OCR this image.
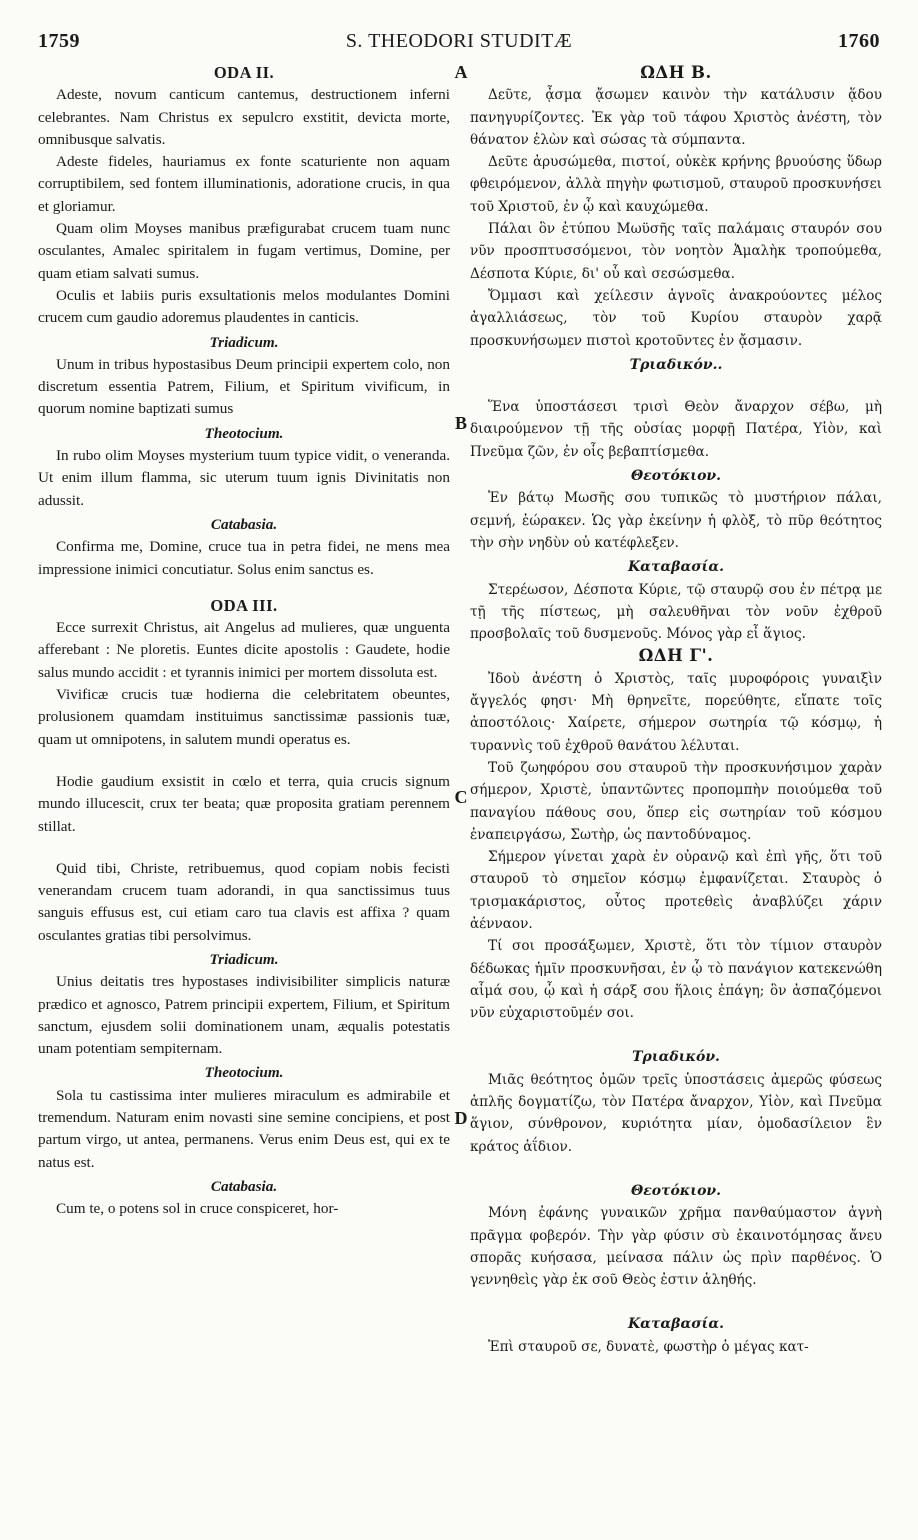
1759	S. THEODORI STUDITÆ	1760
A
B
C
D
ODA II.

Adeste, novum canticum cantemus, destructionem inferni celebrantes. Nam Christus ex sepulcro exstitit, devicta morte, omnibusque salvatis.

Adeste fideles, hauriamus ex fonte scaturiente non aquam corruptibilem, sed fontem illuminationis, adoratione crucis, in qua et gloriamur.

Quam olim Moyses manibus præfigurabat crucem tuam nunc osculantes, Amalec spiritalem in fugam vertimus, Domine, per quam etiam salvati sumus.

Oculis et labiis puris exsultationis melos modulantes Domini crucem cum gaudio adoremus plaudentes in canticis.

Triadicum.

Unum in tribus hypostasibus Deum principii expertem colo, non discretum essentia Patrem, Filium, et Spiritum vivificum, in quorum nomine baptizati sumus

Theotocium.

In rubo olim Moyses mysterium tuum typice vidit, o veneranda. Ut enim illum flamma, sic uterum tuum ignis Divinitatis non adussit.

Catabasia.

Confirma me, Domine, cruce tua in petra fidei, ne mens mea impressione inimici concutiatur. Solus enim sanctus es.

ODA III.

Ecce surrexit Christus, ait Angelus ad mulieres, quæ unguenta afferebant : Ne ploretis. Euntes dicite apostolis : Gaudete, hodie salus mundo accidit : et tyrannis inimici per mortem dissoluta est.

Vivificæ crucis tuæ hodierna die celebritatem obeuntes, prolusionem quamdam instituimus sanctissimæ passionis tuæ, quam ut omnipotens, in salutem mundi operatus es.

Hodie gaudium exsistit in cœlo et terra, quia crucis signum mundo illucescit, crux ter beata; quæ proposita gratiam perennem stillat.

Quid tibi, Christe, retribuemus, quod copiam nobis fecisti venerandam crucem tuam adorandi, in qua sanctissimus tuus sanguis effusus est, cui etiam caro tua clavis est affixa ? quam osculantes gratias tibi persolvimus.

Triadicum.

Unius deitatis tres hypostases indivisibiliter simplicis naturæ prædico et agnosco, Patrem principii expertem, Filium, et Spiritum sanctum, ejusdem solii dominationem unam, æqualis potestatis unam potentiam sempiternam.

Theotocium.

Sola tu castissima inter mulieres miraculum es admirabile et tremendum. Naturam enim novasti sine semine concipiens, et post partum virgo, ut antea, permanens. Verus enim Deus est, qui ex te natus est.

Catabasia.

Cum te, o potens sol in cruce conspiceret, hor-

ΩΔΗ Β.

Δεῦτε, ᾆσμα ᾄσωμεν καινὸν τὴν κατάλυσιν ᾅδου πανηγυρίζοντες. Ἐκ γὰρ τοῦ τάφου Χριστὸς ἀνέστη, τὸν θάνατον ἑλὼν καὶ σώσας τὰ σύμπαντα.

Δεῦτε ἀρυσώμεθα, πιστοί, οὐκὲκ κρήνης βρυούσης ὕδωρ φθειρόμενον, ἀλλὰ πηγὴν φωτισμοῦ, σταυροῦ προσκυνήσει τοῦ Χριστοῦ, ἐν ᾧ καὶ καυχώμεθα.

Πάλαι ὃν ἐτύπου Μωϋσῆς ταῖς παλάμαις σταυρόν σου νῦν προσπτυσσόμενοι, τὸν νοητὸν Ἀμαλὴκ τροπούμεθα, Δέσποτα Κύριε, δι' οὗ καὶ σεσώσμεθα.

Ὄμμασι καὶ χείλεσιν ἁγνοῖς ἀνακρούοντες μέλος ἀγαλλιάσεως, τὸν τοῦ Κυρίου σταυρὸν χαρᾷ προσκυνήσωμεν πιστοὶ κροτοῦντες ἐν ᾄσμασιν.

Τριαδικόν..

Ἕνα ὑποστάσεσι τρισὶ Θεὸν ἄναρχον σέβω, μὴ διαιρούμενον τῇ τῆς οὐσίας μορφῇ Πατέρα, Υἱὸν, καὶ Πνεῦμα ζῶν, ἐν οἷς βεβαπτίσμεθα.

Θεοτόκιον.

Ἐν βάτῳ Μωσῆς σου τυπικῶς τὸ μυστήριον πάλαι, σεμνή, ἑώρακεν. Ὡς γὰρ ἐκείνην ἡ φλὸξ, τὸ πῦρ θεότητος τὴν σὴν νηδὺν οὐ κατέφλεξεν.

Καταβασία.

Στερέωσον, Δέσποτα Κύριε, τῷ σταυρῷ σου ἐν πέτρᾳ με τῇ τῆς πίστεως, μὴ σαλευθῆναι τὸν νοῦν ἐχθροῦ προσβολαῖς τοῦ δυσμενοῦς. Μόνος γὰρ εἶ ἅγιος.

ΩΔΗ Γ'.

Ἰδοὺ ἀνέστη ὁ Χριστὸς, ταῖς μυροφόροις γυναιξὶν ἄγγελός φησι· Μὴ θρηνεῖτε, πορεύθητε, εἴπατε τοῖς ἀποστόλοις· Χαίρετε, σήμερον σωτηρία τῷ κόσμῳ, ἡ τυραννὶς τοῦ ἐχθροῦ θανάτου λέλυται.

Τοῦ ζωηφόρου σου σταυροῦ τὴν προσκυνήσιμον χαρὰν σήμερον, Χριστὲ, ὑπαντῶντες προπομπὴν ποιούμεθα τοῦ παναγίου πάθους σου, ὅπερ εἰς σωτηρίαν τοῦ κόσμου ἐναπειργάσω, Σωτὴρ, ὡς παντοδύναμος.

Σήμερον γίνεται χαρὰ ἐν οὐρανῷ καὶ ἐπὶ γῆς, ὅτι τοῦ σταυροῦ τὸ σημεῖον κόσμῳ ἐμφανίζεται. Σταυρὸς ὁ τρισμακάριστος, οὗτος προτεθεὶς ἀναβλύζει χάριν ἀένναον.

Τί σοι προσάξωμεν, Χριστὲ, ὅτι τὸν τίμιον σταυρὸν δέδωκας ἡμῖν προσκυνῆσαι, ἐν ᾧ τὸ πανάγιον κατεκενώθη αἷμά σου, ᾧ καὶ ἡ σάρξ σου ἥλοις ἐπάγη; ὃν ἀσπαζόμενοι νῦν εὐχαριστοῦμέν σοι.

Τριαδικόν.

Μιᾶς θεότητος ὁμῶν τρεῖς ὑποστάσεις ἀμερῶς φύσεως ἁπλῆς δογματίζω, τὸν Πατέρα ἄναρχον, Υἱὸν, καὶ Πνεῦμα ἅγιον, σύνθρονον, κυριότητα μίαν, ὁμοδασίλειον ἓν κράτος ἀΐδιον.

Θεοτόκιον.

Μόνη ἐφάνης γυναικῶν χρῆμα πανθαύμαστον ἁγνὴ πρᾶγμα φοβερόν. Τὴν γὰρ φύσιν σὺ ἐκαινοτόμησας ἄνευ σπορᾶς κυήσασα, μείνασα πάλιν ὡς πρὶν παρθένος. Ὁ γεννηθεὶς γὰρ ἐκ σοῦ Θεὸς ἐστιν ἀληθής.

Καταβασία.

Ἐπὶ σταυροῦ σε, δυνατὲ, φωστὴρ ὁ μέγας κατ-
